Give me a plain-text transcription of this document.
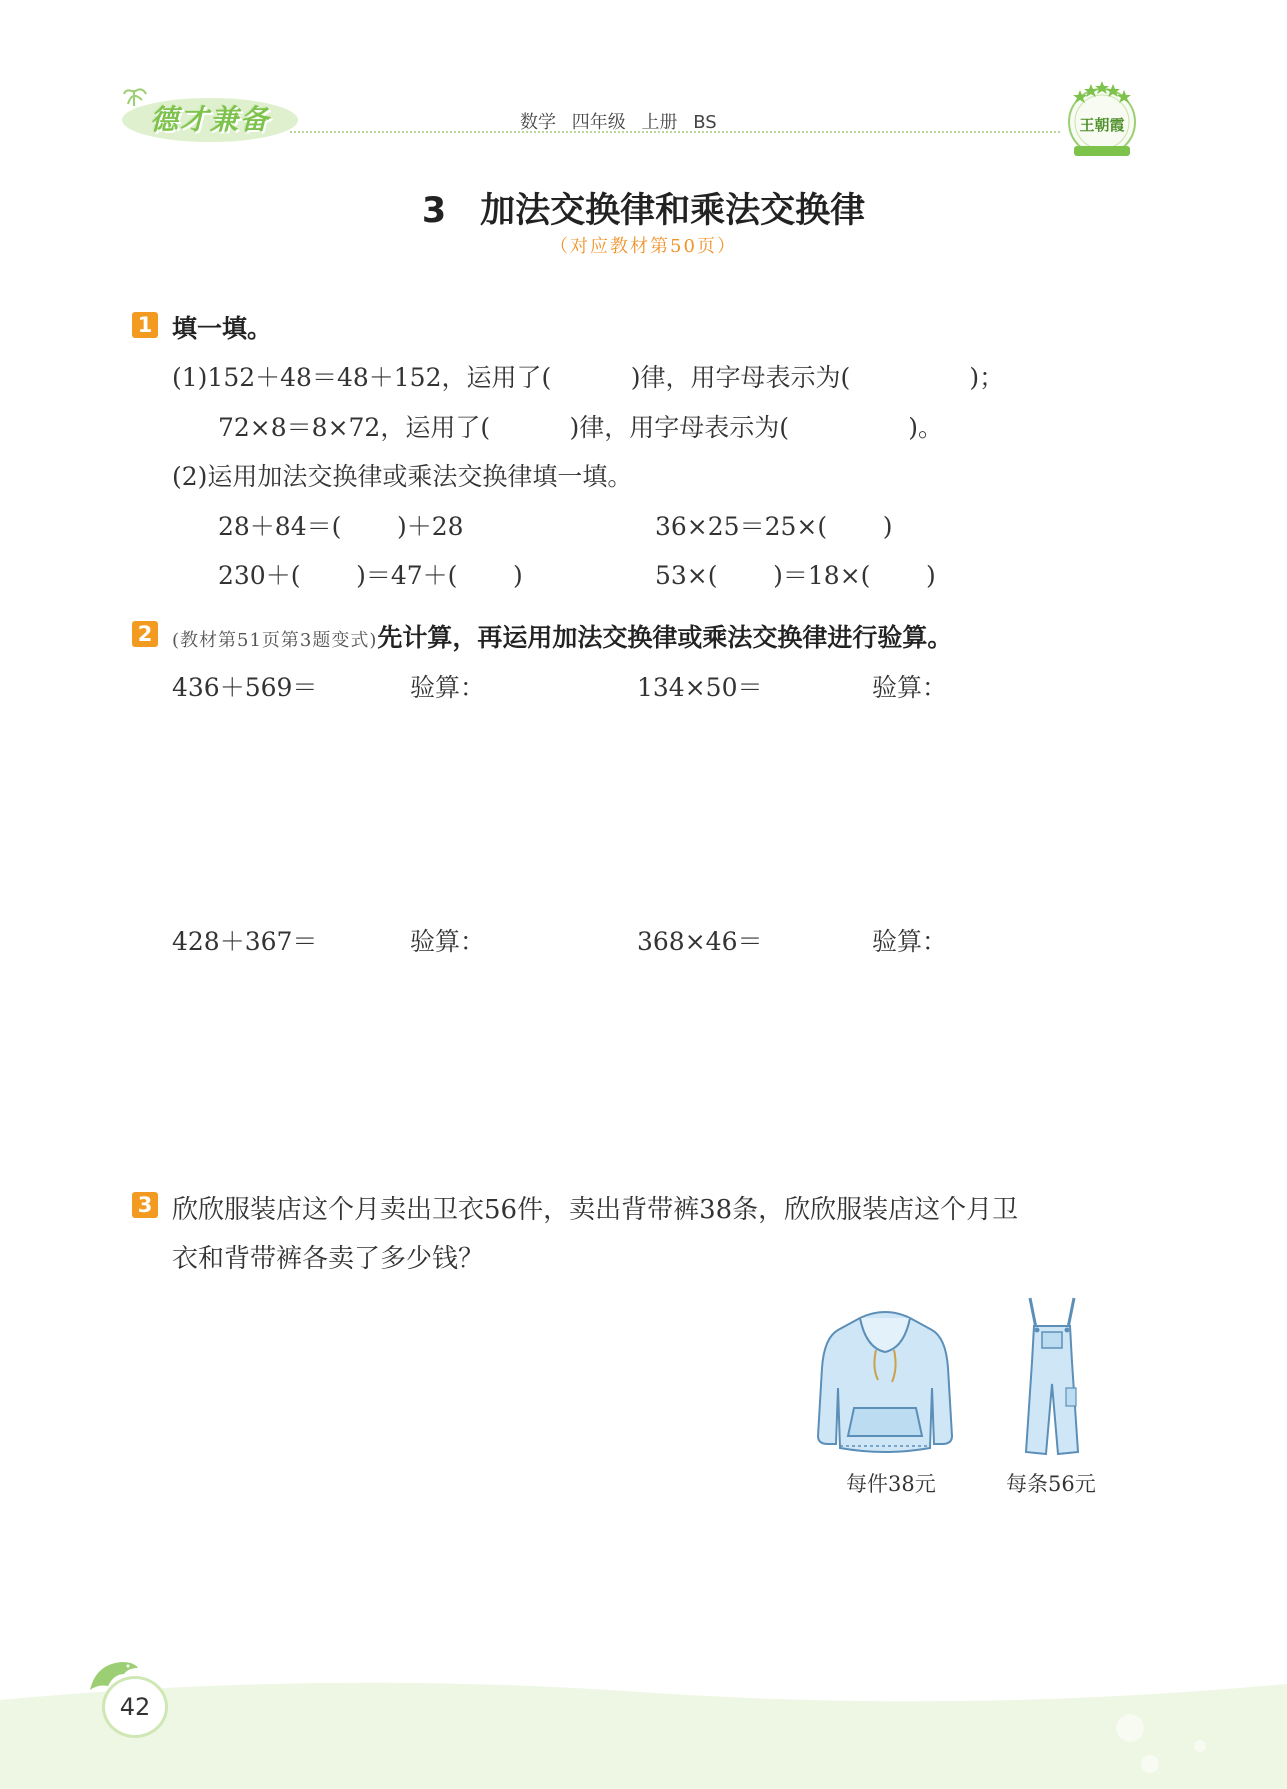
德才兼备	数学 四年级 上册 BS	王朝霞
3 加法交换律和乘法交换律
（对应教材第50页）
1 填一填。
(1)152＋48＝48＋152，运用了(          )律，用字母表示为(               )；
72×8＝8×72，运用了(          )律，用字母表示为(               )。
(2)运用加法交换律或乘法交换律填一填。
28＋84＝(       )＋28	36×25＝25×(       )
230＋(       )＝47＋(       )	53×(       )＝18×(       )
2	(教材第51页第3题变式)先计算，再运用加法交换律或乘法交换律进行验算。
436＋569＝	验算：	134×50＝	验算：
428＋367＝	验算：	368×46＝	验算：
3 欣欣服装店这个月卖出卫衣56件，卖出背带裤38条，欣欣服装店这个月卫
衣和背带裤各卖了多少钱？
每件38元	每条56元
42
